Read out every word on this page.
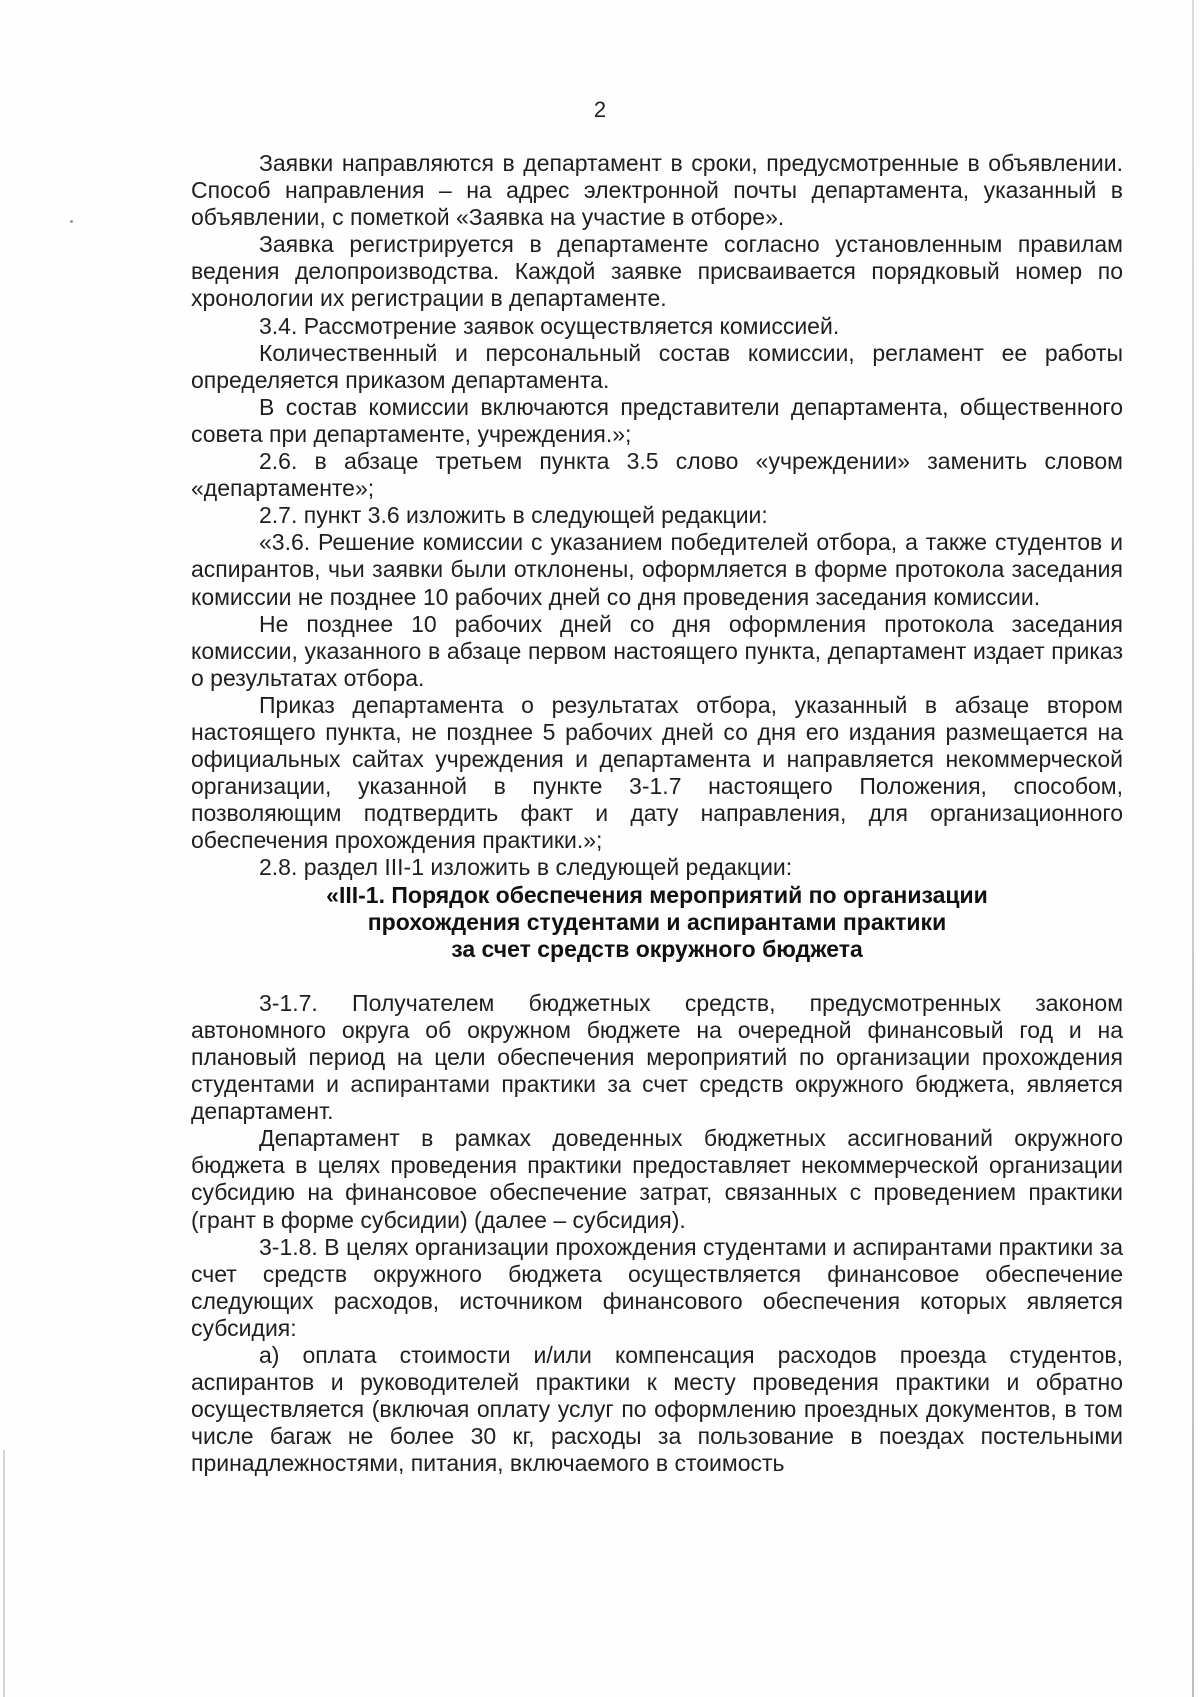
2

Заявки направляются в департамент в сроки, предусмотренные в объявлении. Способ направления – на адрес электронной почты департамента, указанный в объявлении, с пометкой «Заявка на участие в отборе».

Заявка регистрируется в департаменте согласно установленным правилам ведения делопроизводства. Каждой заявке присваивается порядковый номер по хронологии их регистрации в департаменте.

3.4. Рассмотрение заявок осуществляется комиссией.

Количественный и персональный состав комиссии, регламент ее работы определяется приказом департамента.

В состав комиссии включаются представители департамента, общественного совета при департаменте, учреждения.»;

2.6. в абзаце третьем пункта 3.5 слово «учреждении» заменить словом «департаменте»;

2.7. пункт 3.6 изложить в следующей редакции:

«3.6. Решение комиссии с указанием победителей отбора, а также студентов и аспирантов, чьи заявки были отклонены, оформляется в форме протокола заседания комиссии не позднее 10 рабочих дней со дня проведения заседания комиссии.

Не позднее 10 рабочих дней со дня оформления протокола заседания комиссии, указанного в абзаце первом настоящего пункта, департамент издает приказ о результатах отбора.

Приказ департамента о результатах отбора, указанный в абзаце втором настоящего пункта, не позднее 5 рабочих дней со дня его издания размещается на официальных сайтах учреждения и департамента и направляется некоммерческой организации, указанной в пункте 3-1.7 настоящего Положения, способом, позволяющим подтвердить факт и дату направления, для организационного обеспечения прохождения практики.»;

2.8. раздел III-1 изложить в следующей редакции:

«III-1. Порядок обеспечения мероприятий по организации
прохождения студентами и аспирантами практики
за счет средств окружного бюджета

3-1.7. Получателем бюджетных средств, предусмотренных законом автономного округа об окружном бюджете на очередной финансовый год и на плановый период на цели обеспечения мероприятий по организации прохождения студентами и аспирантами практики за счет средств окружного бюджета, является департамент.

Департамент в рамках доведенных бюджетных ассигнований окружного бюджета в целях проведения практики предоставляет некоммерческой организации субсидию на финансовое обеспечение затрат, связанных с проведением практики (грант в форме субсидии) (далее – субсидия).

3-1.8. В целях организации прохождения студентами и аспирантами практики за счет средств окружного бюджета осуществляется финансовое обеспечение следующих расходов, источником финансового обеспечения которых является субсидия:

а) оплата стоимости и/или компенсация расходов проезда студентов, аспирантов и руководителей практики к месту проведения практики и обратно осуществляется (включая оплату услуг по оформлению проездных документов, в том числе багаж не более 30 кг, расходы за пользование в поездах постельными принадлежностями, питания, включаемого в стоимость
